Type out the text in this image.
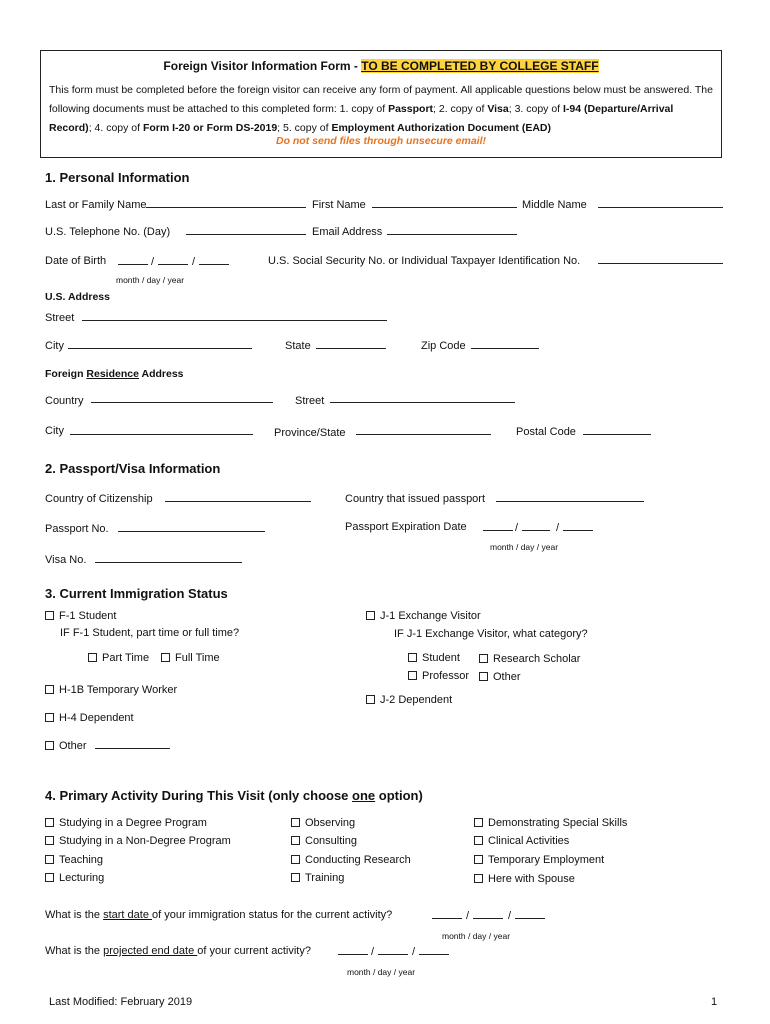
Foreign Visitor Information Form - TO BE COMPLETED BY COLLEGE STAFF
This form must be completed before the foreign visitor can receive any form of payment. All applicable questions below must be answered. The following documents must be attached to this completed form: 1. copy of Passport; 2. copy of Visa; 3. copy of I-94 (Departure/Arrival Record); 4. copy of Form I-20 or Form DS-2019; 5. copy of Employment Authorization Document (EAD)
Do not send files through unsecure email!
1. Personal Information
Last or Family Name	First Name	Middle Name
U.S. Telephone No. (Day)	Email Address
Date of Birth	/	/
month / day / year
U.S. Social Security No. or Individual Taxpayer Identification No.
U.S. Address
Street
City	State	Zip Code
Foreign Residence Address
Country	Street
City	Province/State	Postal Code
2. Passport/Visa Information
Country of Citizenship	Country that issued passport
Passport No.	Passport Expiration Date	/	/
month / day / year
Visa No.
3. Current Immigration Status
F-1 Student
IF F-1 Student, part time or full time?
Part Time	Full Time
H-1B Temporary Worker
H-4 Dependent
Other
J-1 Exchange Visitor
IF J-1 Exchange Visitor, what category?
Student	Research Scholar
Professor	Other
J-2 Dependent
4. Primary Activity During This Visit (only choose one option)
Studying in a Degree Program
Studying in a Non-Degree Program
Teaching
Lecturing
Observing
Consulting
Conducting Research
Training
Demonstrating Special Skills
Clinical Activities
Temporary Employment
Here with Spouse
What is the start date of your immigration status for the current activity?	/	/
month / day / year
What is the projected end date of your current activity?	/	/
month / day / year
Last Modified: February 2019	1
